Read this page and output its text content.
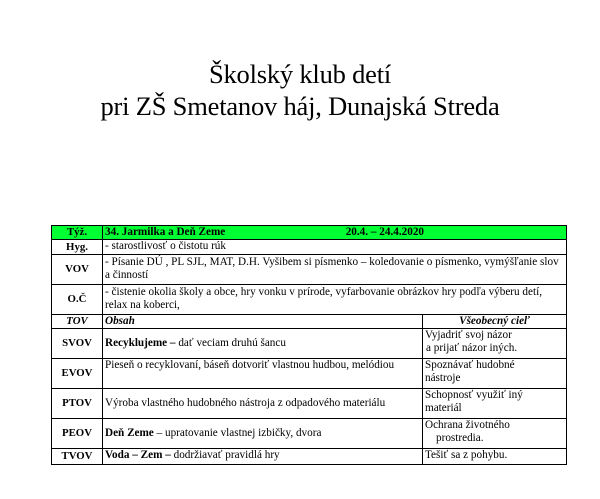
Školský klub detí
pri ZŠ Smetanov háj, Dunajská Streda
Týž.	34. Jarmilka a Deň Zeme 20.4. – 24.4.2020	

Hyg.	- starostlivosť o čistotu rúk	
VOV	- Písanie DÚ , PL SJL, MAT, D.H. Vyšibem si písmenko – koledovanie o písmenko, vymýšľanie slov a činností	
O.Č	- čistenie okolia školy a obce, hry vonku v prírode, vyfarbovanie obrázkov hry podľa výberu detí, relax na koberci,	
TOV	Obsah	Všeobecný cieľ
SVOV	Recyklujeme – dať veciam druhú šancu	Vyjadriť svoj názor
a prijať názor iných.

EVOV	Pieseň o recyklovaní, báseň dotvoriť vlastnou hudbou, melódiou	Spoznávať hudobné
nástroje

PTOV	Výroba vlastného hudobného nástroja z odpadového materiálu	Schopnosť využiť iný
materiál

PEOV	Deň Zeme – upratovanie vlastnej izbičky, dvora	Ochrana životného
prostredia.

TVOV	Voda – Zem – dodržiavať pravidlá hry	Tešiť sa z pohybu.
